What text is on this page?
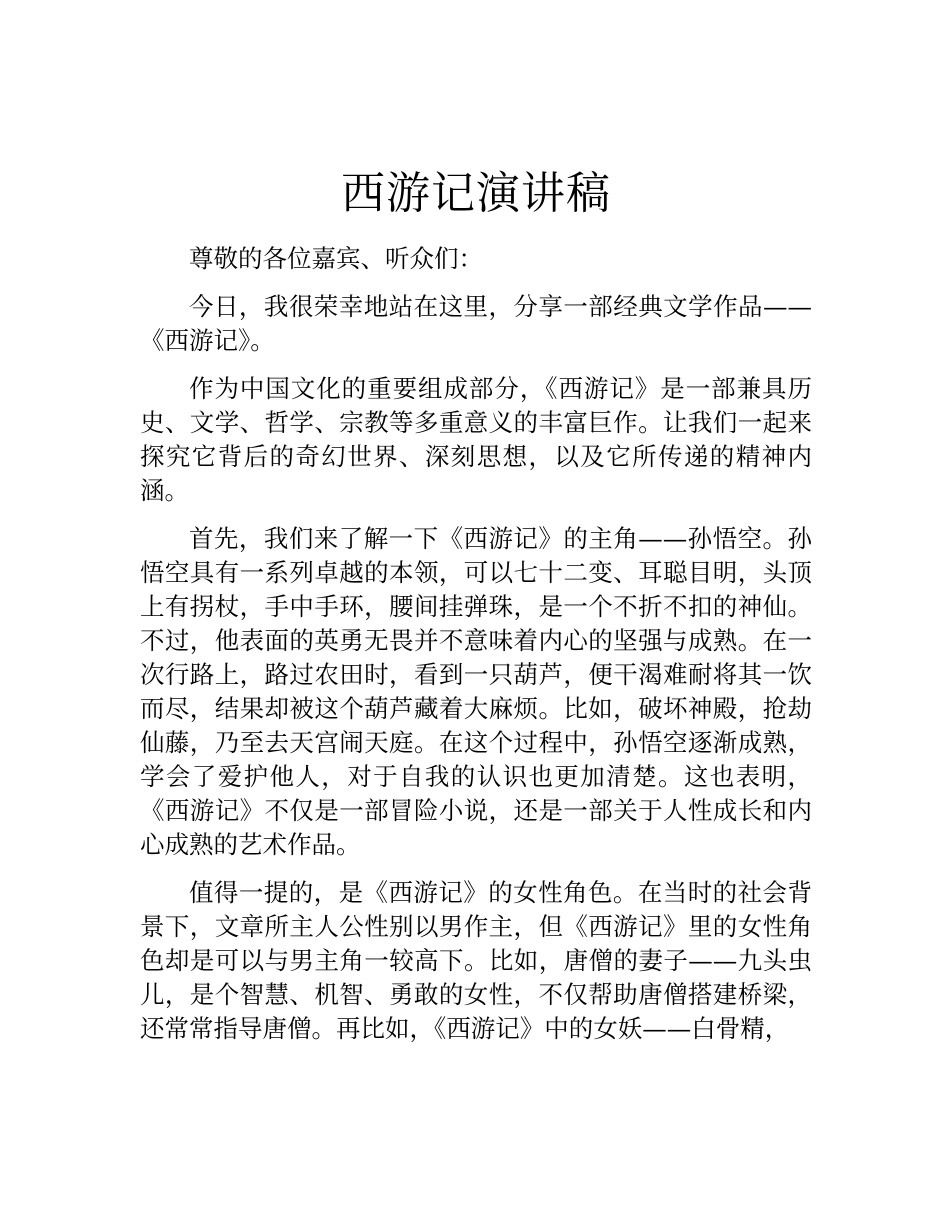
西游记演讲稿

尊敬的各位嘉宾、听众们：

今日，我很荣幸地站在这里，分享一部经典文学作品——《西游记》。

作为中国文化的重要组成部分，《西游记》是一部兼具历史、文学、哲学、宗教等多重意义的丰富巨作。让我们一起来探究它背后的奇幻世界、深刻思想，以及它所传递的精神内涵。

首先，我们来了解一下《西游记》的主角——孙悟空。孙悟空具有一系列卓越的本领，可以七十二变、耳聪目明，头顶上有拐杖，手中手环，腰间挂弹珠，是一个不折不扣的神仙。不过，他表面的英勇无畏并不意味着内心的坚强与成熟。在一次行路上，路过农田时，看到一只葫芦，便干渴难耐将其一饮而尽，结果却被这个葫芦藏着大麻烦。比如，破坏神殿，抢劫仙藤，乃至去天宫闹天庭。在这个过程中，孙悟空逐渐成熟，学会了爱护他人，对于自我的认识也更加清楚。这也表明，《西游记》不仅是一部冒险小说，还是一部关于人性成长和内心成熟的艺术作品。

值得一提的，是《西游记》的女性角色。在当时的社会背景下，文章所主人公性别以男作主，但《西游记》里的女性角色却是可以与男主角一较高下。比如，唐僧的妻子——九头虫儿，是个智慧、机智、勇敢的女性，不仅帮助唐僧搭建桥梁，还常常指导唐僧。再比如，《西游记》中的女妖——白骨精，
